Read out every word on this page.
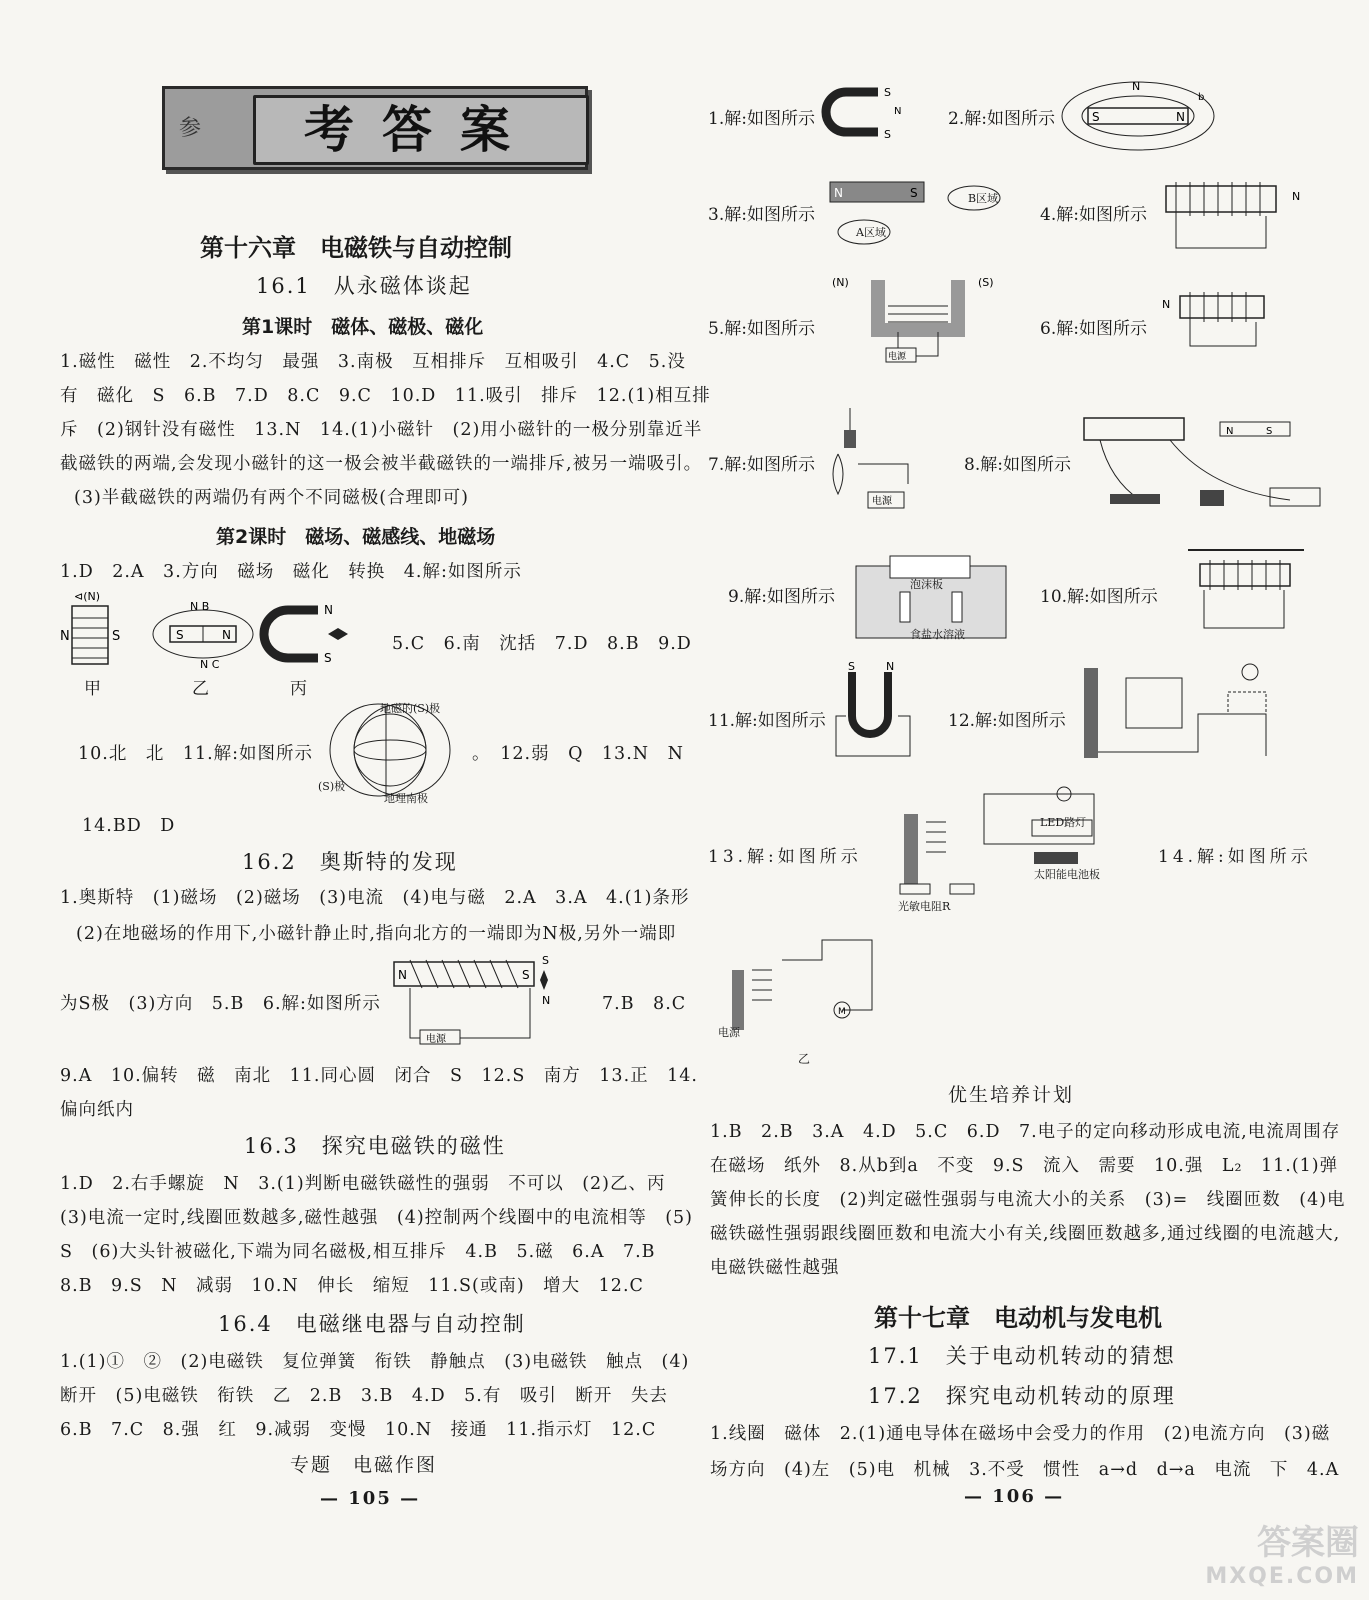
参	考答案
第十六章　电磁铁与自动控制
16.1　从永磁体谈起
第1课时　磁体、磁极、磁化
1.磁性　磁性　2.不均匀　最强　3.南极　互相排斥　互相吸引　4.C　5.没
有　磁化　S　6.B　7.D　8.C　9.C　10.D　11.吸引　排斥　12.(1)相互排
斥　(2)钢针没有磁性　13.N　14.(1)小磁针　(2)用小磁针的一极分别靠近半
截磁铁的两端,会发现小磁针的这一极会被半截磁铁的一端排斥,被另一端吸引。
(3)半截磁铁的两端仍有两个不同磁极(合理即可)
第2课时　磁场、磁感线、地磁场
1.D　2.A　3.方向　磁场　磁化　转换　4.解:如图所示
N	S
⊲(N)
甲
S	N
N B
N C
乙
N
S
丙
5.C　6.南　沈括　7.D　8.B　9.D
10.北　北　11.解:如图所示
地磁的(S)极
地理南极
(S)极
。　12.弱　Q　13.N　N
14.BD　D
16.2　奥斯特的发现
1.奥斯特　(1)磁场　(2)磁场　(3)电流　(4)电与磁　2.A　3.A　4.(1)条形
(2)在地磁场的作用下,小磁针静止时,指向北方的一端即为N极,另外一端即
为S极　(3)方向　5.B　6.解:如图所示
N	S
电源
S
N	7.B　8.C
9.A　10.偏转　磁　南北　11.同心圆　闭合　S　12.S　南方　13.正　14.
偏向纸内
16.3　探究电磁铁的磁性
1.D　2.右手螺旋　N　3.(1)判断电磁铁磁性的强弱　不可以　(2)乙、丙
(3)电流一定时,线圈匝数越多,磁性越强　(4)控制两个线圈中的电流相等　(5)
S　(6)大头针被磁化,下端为同名磁极,相互排斥　4.B　5.磁　6.A　7.B
8.B　9.S　N　减弱　10.N　伸长　缩短　11.S(或南)　增大　12.C
16.4　电磁继电器与自动控制
1.(1)①　②　(2)电磁铁　复位弹簧　衔铁　静触点　(3)电磁铁　触点　(4)
断开　(5)电磁铁　衔铁　乙　2.B　3.B　4.D　5.有　吸引　断开　失去
6.B　7.C　8.强　红　9.减弱　变慢　10.N　接通　11.指示灯　12.C
专题　电磁作图
— 105 —
1.解:如图所示
S
S
N	2.解:如图所示	S	N
N
b
3.解:如图所示
N	S
A区域
B区域
4.解:如图所示
N
5.解:如图所示
(N)	(S)
电源
6.解:如图所示
N
7.解:如图所示
电源
8.解:如图所示
N	S
9.解:如图所示
泡沫板
食盐水溶液
10.解:如图所示
11.解:如图所示
S	N
12.解:如图所示
13.解:如图所示
LED路灯
太阳能电池板
光敏电阻R
14.解:如图所示
M
电源
乙
优生培养计划
1.B　2.B　3.A　4.D　5.C　6.D　7.电子的定向移动形成电流,电流周围存
在磁场　纸外　8.从b到a　不变　9.S　流入　需要　10.强　L₂　11.(1)弹
簧伸长的长度　(2)判定磁性强弱与电流大小的关系　(3)=　线圈匝数　(4)电
磁铁磁性强弱跟线圈匝数和电流大小有关,线圈匝数越多,通过线圈的电流越大,
电磁铁磁性越强
第十七章　电动机与发电机
17.1　关于电动机转动的猜想
17.2　探究电动机转动的原理
1.线圈　磁体　2.(1)通电导体在磁场中会受力的作用　(2)电流方向　(3)磁
场方向　(4)左　(5)电　机械　3.不受　惯性　a→d　d→a　电流　下　4.A
— 106 —
答案圈
MXQE.COM
